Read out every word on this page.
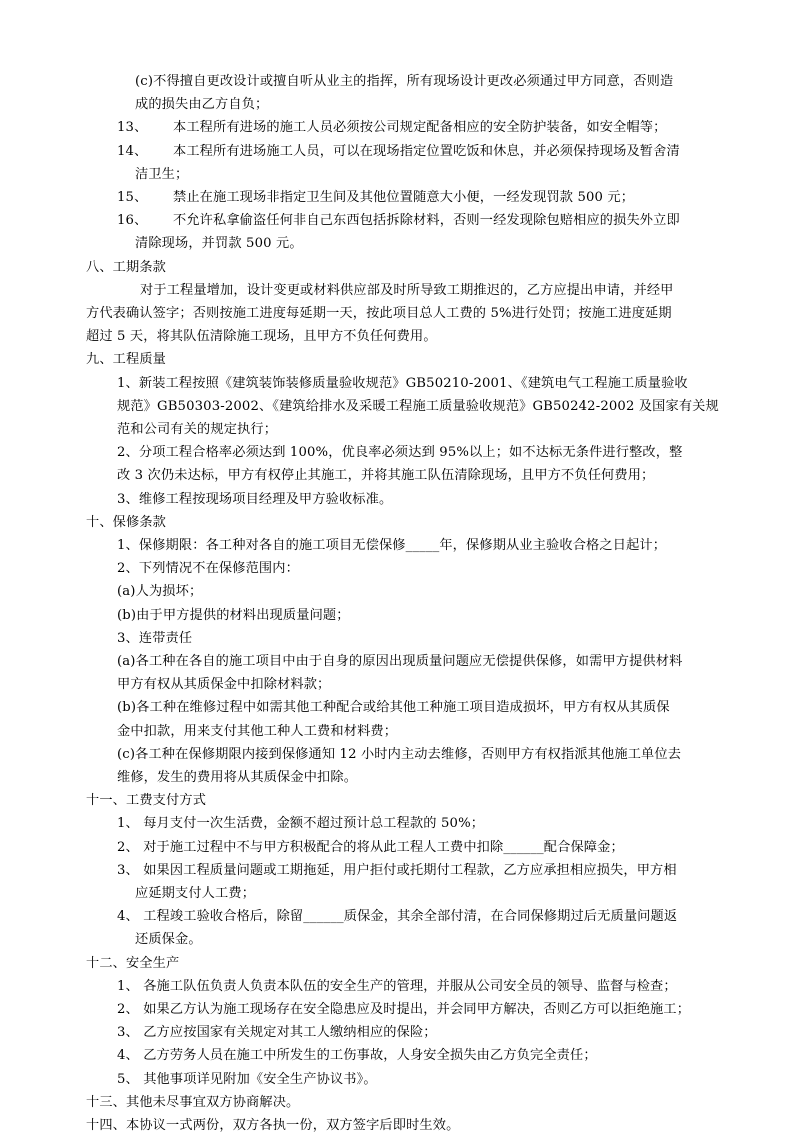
(c)不得擅自更改设计或擅自听从业主的指挥，所有现场设计更改必须通过甲方同意，否则造
成的损失由乙方自负；
13、 本工程所有进场的施工人员必须按公司规定配备相应的安全防护装备，如安全帽等；
14、 本工程所有进场施工人员，可以在现场指定位置吃饭和休息，并必须保持现场及暂舍清
洁卫生；
15、 禁止在施工现场非指定卫生间及其他位置随意大小便，一经发现罚款 500 元；
16、 不允许私拿偷盗任何非自己东西包括拆除材料，否则一经发现除包赔相应的损失外立即
清除现场，并罚款 500 元。
八、工期条款
对于工程量增加，设计变更或材料供应部及时所导致工期推迟的，乙方应提出申请，并经甲
方代表确认签字；否则按施工进度每延期一天，按此项目总人工费的 5%进行处罚；按施工进度延期
超过 5 天，将其队伍清除施工现场，且甲方不负任何费用。
九、工程质量
1、新装工程按照《建筑装饰装修质量验收规范》GB50210-2001、《建筑电气工程施工质量验收
规范》GB50303-2002、《建筑给排水及采暖工程施工质量验收规范》GB50242-2002 及国家有关规
范和公司有关的规定执行；
2、分项工程合格率必须达到 100%，优良率必须达到 95%以上；如不达标无条件进行整改，整
改 3 次仍未达标，甲方有权停止其施工，并将其施工队伍清除现场，且甲方不负任何费用；
3、维修工程按现场项目经理及甲方验收标准。
十、保修条款
1、保修期限：各工种对各自的施工项目无偿保修_____年，保修期从业主验收合格之日起计；
2、下列情况不在保修范围内：
(a)人为损坏；
(b)由于甲方提供的材料出现质量问题；
3、连带责任
(a)各工种在各自的施工项目中由于自身的原因出现质量问题应无偿提供保修，如需甲方提供材料
甲方有权从其质保金中扣除材料款；
(b)各工种在维修过程中如需其他工种配合或给其他工种施工项目造成损坏，甲方有权从其质保
金中扣款，用来支付其他工种人工费和材料费；
(c)各工种在保修期限内接到保修通知 12 小时内主动去维修，否则甲方有权指派其他施工单位去
维修，发生的费用将从其质保金中扣除。
十一、工费支付方式
1、 每月支付一次生活费，金额不超过预计总工程款的 50%；
2、 对于施工过程中不与甲方积极配合的将从此工程人工费中扣除______配合保障金；
3、 如果因工程质量问题或工期拖延，用户拒付或托期付工程款，乙方应承担相应损失，甲方相
应延期支付人工费；
4、 工程竣工验收合格后，除留______质保金，其余全部付清，在合同保修期过后无质量问题返
还质保金。
十二、安全生产
1、 各施工队伍负责人负责本队伍的安全生产的管理，并服从公司安全员的领导、监督与检查；
2、 如果乙方认为施工现场存在安全隐患应及时提出，并会同甲方解决，否则乙方可以拒绝施工；
3、 乙方应按国家有关规定对其工人缴纳相应的保险；
4、 乙方劳务人员在施工中所发生的工伤事故，人身安全损失由乙方负完全责任；
5、 其他事项详见附加《安全生产协议书》。
十三、其他未尽事宜双方协商解决。
十四、本协议一式两份，双方各执一份，双方签字后即时生效。
